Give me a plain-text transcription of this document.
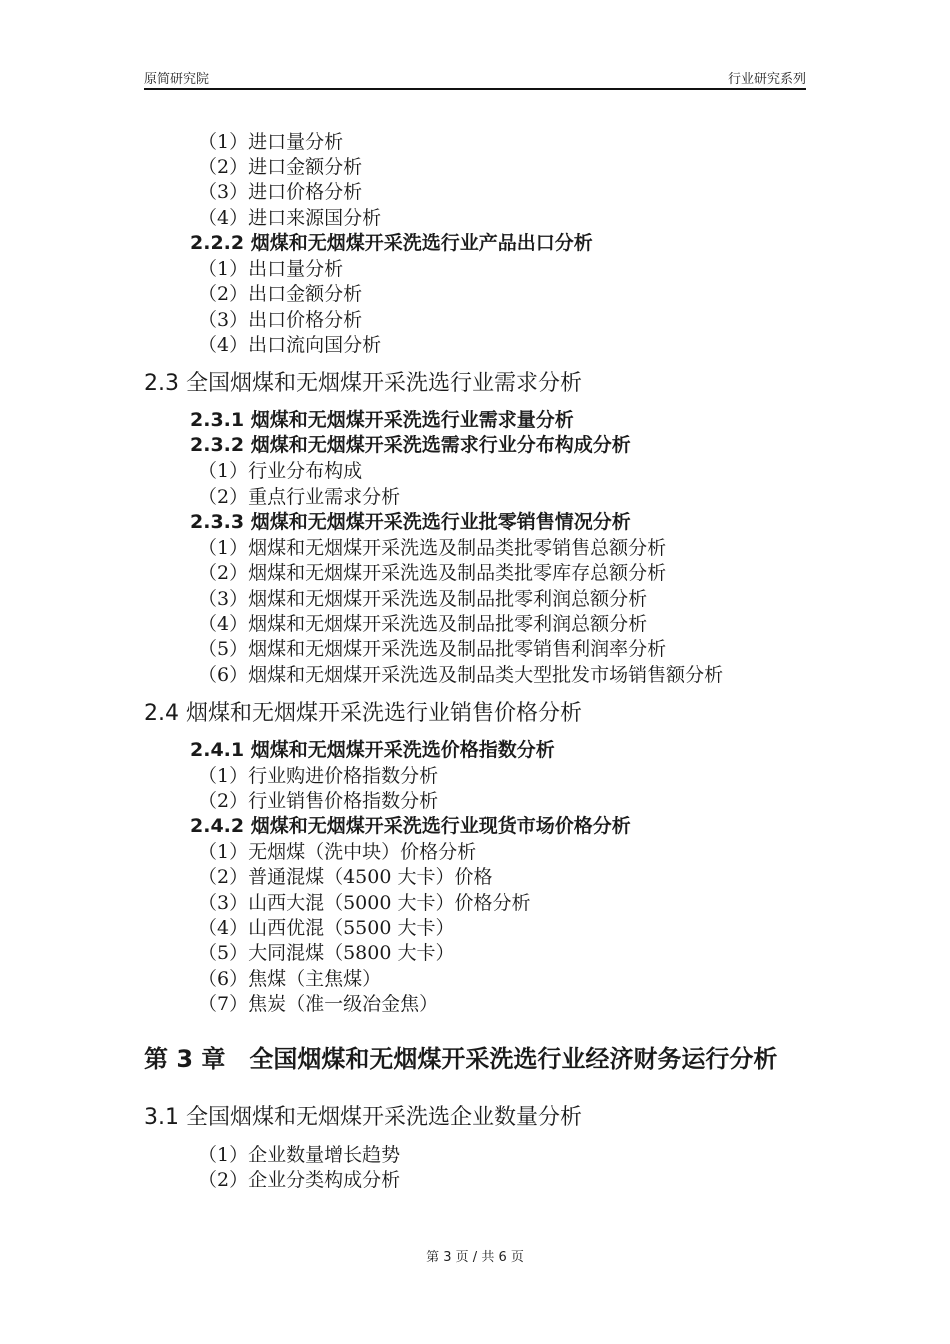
原简研究院	行业研究系列
（1）进口量分析
（2）进口金额分析
（3）进口价格分析
（4）进口来源国分析
2.2.2 烟煤和无烟煤开采洗选行业产品出口分析
（1）出口量分析
（2）出口金额分析
（3）出口价格分析
（4）出口流向国分析
2.3 全国烟煤和无烟煤开采洗选行业需求分析
2.3.1 烟煤和无烟煤开采洗选行业需求量分析
2.3.2 烟煤和无烟煤开采洗选需求行业分布构成分析
（1）行业分布构成
（2）重点行业需求分析
2.3.3 烟煤和无烟煤开采洗选行业批零销售情况分析
（1）烟煤和无烟煤开采洗选及制品类批零销售总额分析
（2）烟煤和无烟煤开采洗选及制品类批零库存总额分析
（3）烟煤和无烟煤开采洗选及制品批零利润总额分析
（4）烟煤和无烟煤开采洗选及制品批零利润总额分析
（5）烟煤和无烟煤开采洗选及制品批零销售利润率分析
（6）烟煤和无烟煤开采洗选及制品类大型批发市场销售额分析
2.4 烟煤和无烟煤开采洗选行业销售价格分析
2.4.1 烟煤和无烟煤开采洗选价格指数分析
（1）行业购进价格指数分析
（2）行业销售价格指数分析
2.4.2 烟煤和无烟煤开采洗选行业现货市场价格分析
（1）无烟煤（洗中块）价格分析
（2）普通混煤（4500 大卡）价格
（3）山西大混（5000 大卡）价格分析
（4）山西优混（5500 大卡）
（5）大同混煤（5800 大卡）
（6）焦煤（主焦煤）
（7）焦炭（准一级冶金焦）
第 3 章　全国烟煤和无烟煤开采洗选行业经济财务运行分析
3.1 全国烟煤和无烟煤开采洗选企业数量分析
（1）企业数量增长趋势
（2）企业分类构成分析
第 3 页 / 共 6 页
